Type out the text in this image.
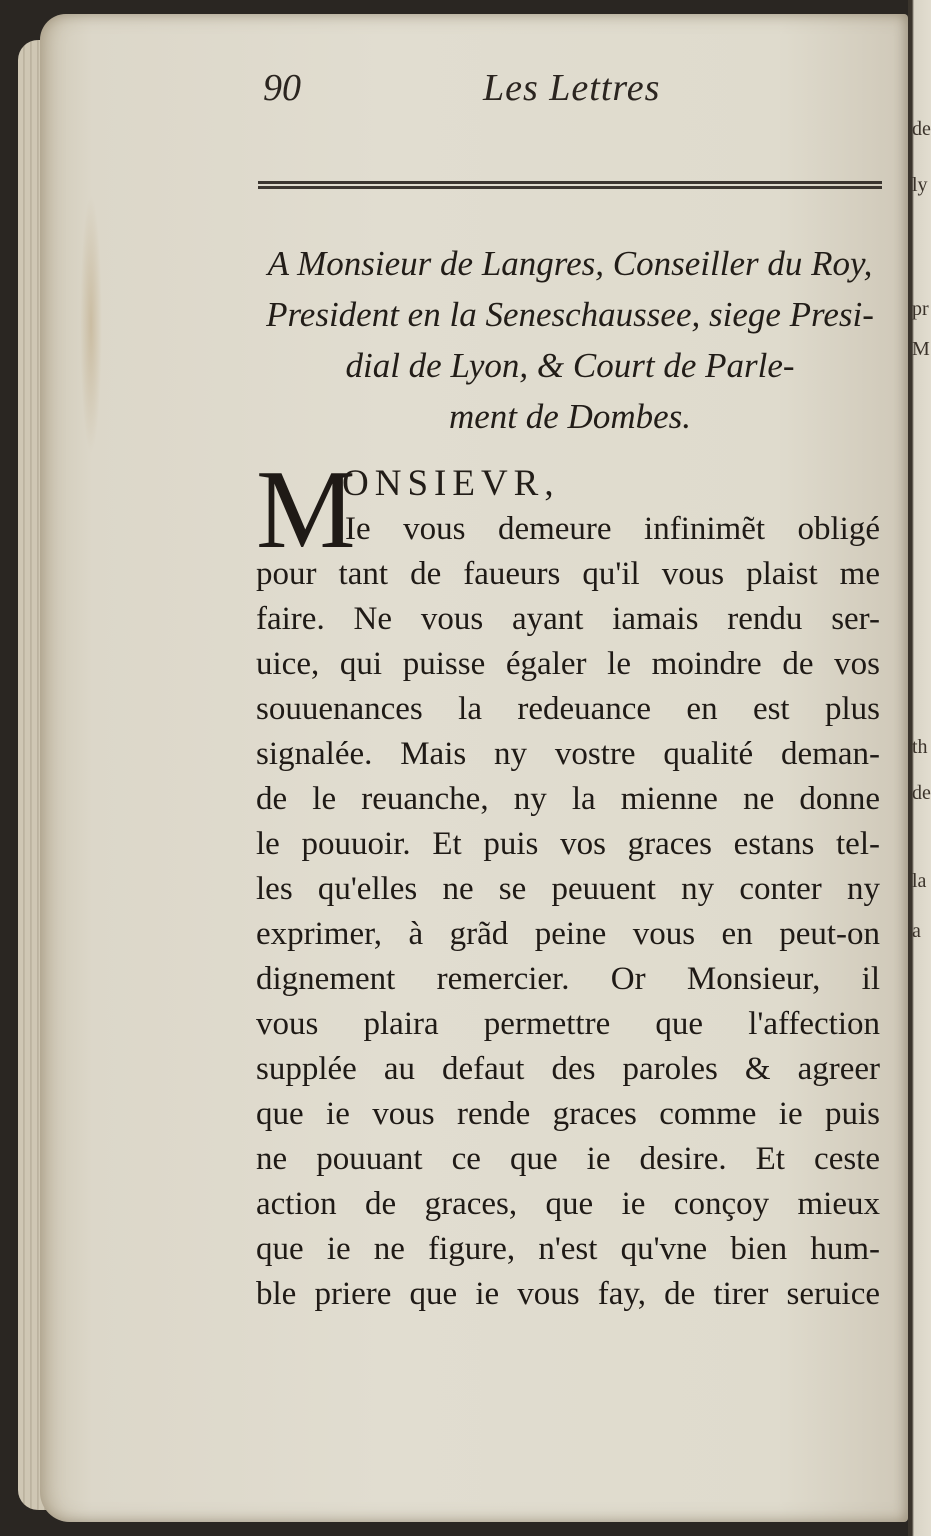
de
ly
pr
M
th
de
la
a
90	Les Lettres
A Monsieur de Langres, Conseiller du Roy,
President en la Seneschaussee, siege Presi-
dial de Lyon, & Court de Parle-
ment de Dombes.
M
ONSIEVR,
Ie vous demeure infinimẽt obligé
pour tant de faueurs qu'il vous plaist me
faire. Ne vous ayant iamais rendu ser-
uice, qui puisse égaler le moindre de vos
souuenances la redeuance en est plus
signalée. Mais ny vostre qualité deman-
de le reuanche, ny la mienne ne donne
le pouuoir. Et puis vos graces estans tel-
les qu'elles ne se peuuent ny conter ny
exprimer, à grãd peine vous en peut-on
dignement remercier. Or Monsieur, il
vous plaira permettre que l'affection
supplée au defaut des paroles & agreer
que ie vous rende graces comme ie puis
ne pouuant ce que ie desire. Et ceste
action de graces, que ie conçoy mieux
que ie ne figure, n'est qu'vne bien hum-
ble priere que ie vous fay, de tirer seruice
